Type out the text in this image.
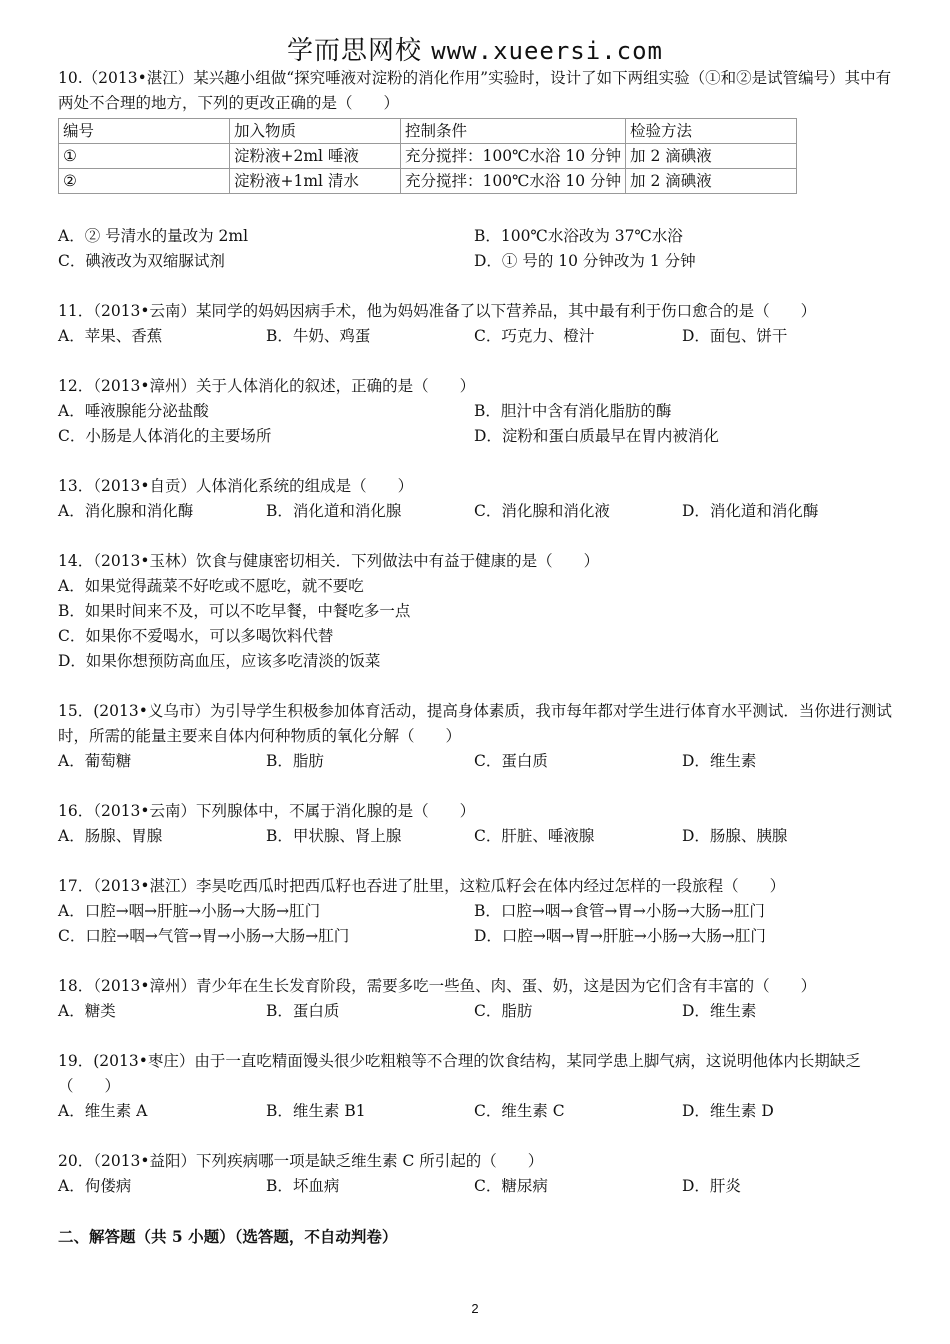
学而思网校 www.xueersi.com
10.（2013•湛江）某兴趣小组做“探究唾液对淀粉的消化作用”实验时，设计了如下两组实验（①和②是试管编号）其中有两处不合理的地方，下列的更改正确的是（　　）
编号	加入物质	控制条件	检验方法
①	淀粉液+2ml 唾液	充分搅拌：100℃水浴 10 分钟	加 2 滴碘液
②	淀粉液+1ml 清水	充分搅拌：100℃水浴 10 分钟	加 2 滴碘液
A．② 号清水的量改为 2ml	B．100℃水浴改为 37℃水浴
C．碘液改为双缩脲试剂	D．① 号的 10 分钟改为 1 分钟
11．（2013•云南）某同学的妈妈因病手术，他为妈妈准备了以下营养品，其中最有利于伤口愈合的是（　　）
A．苹果、香蕉	B．牛奶、鸡蛋	C．巧克力、橙汁	D．面包、饼干
12．（2013•漳州）关于人体消化的叙述，正确的是（　　）
A．唾液腺能分泌盐酸	B．胆汁中含有消化脂肪的酶
C．小肠是人体消化的主要场所	D．淀粉和蛋白质最早在胃内被消化
13．（2013•自贡）人体消化系统的组成是（　　）
A．消化腺和消化酶	B．消化道和消化腺	C．消化腺和消化液	D．消化道和消化酶
14．（2013•玉林）饮食与健康密切相关．下列做法中有益于健康的是（　　）
A．如果觉得蔬菜不好吃或不愿吃，就不要吃
B．如果时间来不及，可以不吃早餐，中餐吃多一点
C．如果你不爱喝水，可以多喝饮料代替
D．如果你想预防高血压，应该多吃清淡的饭菜
15．(2013•义乌市）为引导学生积极参加体育活动，提高身体素质，我市每年都对学生进行体育水平测试．当你进行测试时，所需的能量主要来自体内何种物质的氧化分解（　　）
A．葡萄糖	B．脂肪	C．蛋白质	D．维生素
16．（2013•云南）下列腺体中，不属于消化腺的是（　　）
A．肠腺、胃腺	B．甲状腺、肾上腺	C．肝脏、唾液腺	D．肠腺、胰腺
17．（2013•湛江）李昊吃西瓜时把西瓜籽也吞进了肚里，这粒瓜籽会在体内经过怎样的一段旅程（　　）
A．口腔→咽→肝脏→小肠→大肠→肛门	B．口腔→咽→食管→胃→小肠→大肠→肛门
C．口腔→咽→气管→胃→小肠→大肠→肛门	D．口腔→咽→胃→肝脏→小肠→大肠→肛门
18．（2013•漳州）青少年在生长发育阶段，需要多吃一些鱼、肉、蛋、奶，这是因为它们含有丰富的（　　）
A．糖类	B．蛋白质	C．脂肪	D．维生素
19．(2013•枣庄）由于一直吃精面馒头很少吃粗粮等不合理的饮食结构，某同学患上脚气病，这说明他体内长期缺乏（　　）
A．维生素 A	B．维生素 B1	C．维生素 C	D．维生素 D
20．（2013•益阳）下列疾病哪一项是缺乏维生素 C 所引起的（　　）
A．佝偻病	B．坏血病	C．糖尿病	D．肝炎
二、解答题（共 5 小题）（选答题，不自动判卷）
2
